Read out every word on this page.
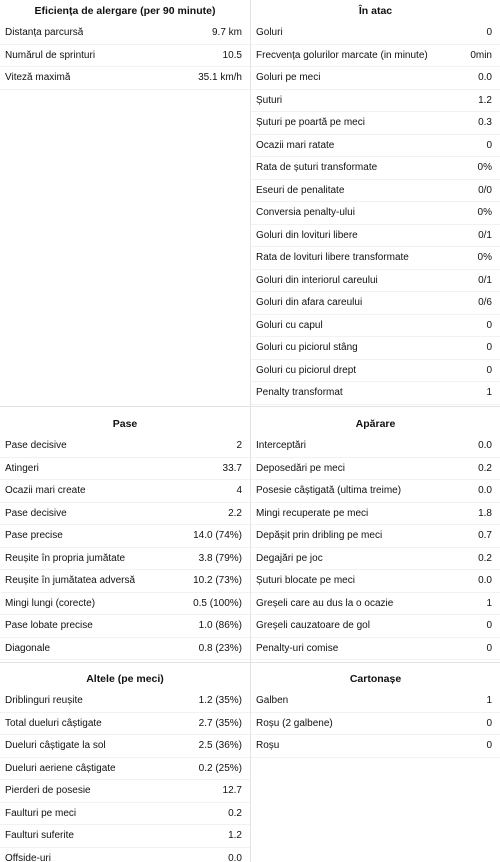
Eficiența de alergare (per 90 minute)
Distanța parcursă	9.7 km
Numărul de sprinturi	10.5
Viteză maximă	35.1 km/h
În atac
Goluri	0
Frecvența golurilor marcate (in minute)	0min
Goluri pe meci	0.0
Șuturi	1.2
Șuturi pe poartă pe meci	0.3
Ocazii mari ratate	0
Rata de șuturi transformate	0%
Eseuri de penalitate	0/0
Conversia penalty-ului	0%
Goluri din lovituri libere	0/1
Rata de lovituri libere transformate	0%
Goluri din interiorul careului	0/1
Goluri din afara careului	0/6
Goluri cu capul	0
Goluri cu piciorul stâng	0
Goluri cu piciorul drept	0
Penalty transformat	1
Pase
Pase decisive	2
Atingeri	33.7
Ocazii mari create	4
Pase decisive	2.2
Pase precise	14.0 (74%)
Reușite în propria jumătate	3.8 (79%)
Reușite în jumătatea adversă	10.2 (73%)
Mingi lungi (corecte)	0.5 (100%)
Pase lobate precise	1.0 (86%)
Diagonale	0.8 (23%)
Apărare
Interceptări	0.0
Deposedări pe meci	0.2
Posesie câștigată (ultima treime)	0.0
Mingi recuperate pe meci	1.8
Depășit prin dribling pe meci	0.7
Degajări pe joc	0.2
Șuturi blocate pe meci	0.0
Greșeli care au dus la o ocazie	1
Greșeli cauzatoare de gol	0
Penalty-uri comise	0
Altele (pe meci)
Driblinguri reușite	1.2 (35%)
Total dueluri câștigate	2.7 (35%)
Dueluri câștigate la sol	2.5 (36%)
Dueluri aeriene câștigate	0.2 (25%)
Pierderi de posesie	12.7
Faulturi pe meci	0.2
Faulturi suferite	1.2
Offside-uri	0.0
Cartonașe
Galben	1
Roșu (2 galbene)	0
Roșu	0
